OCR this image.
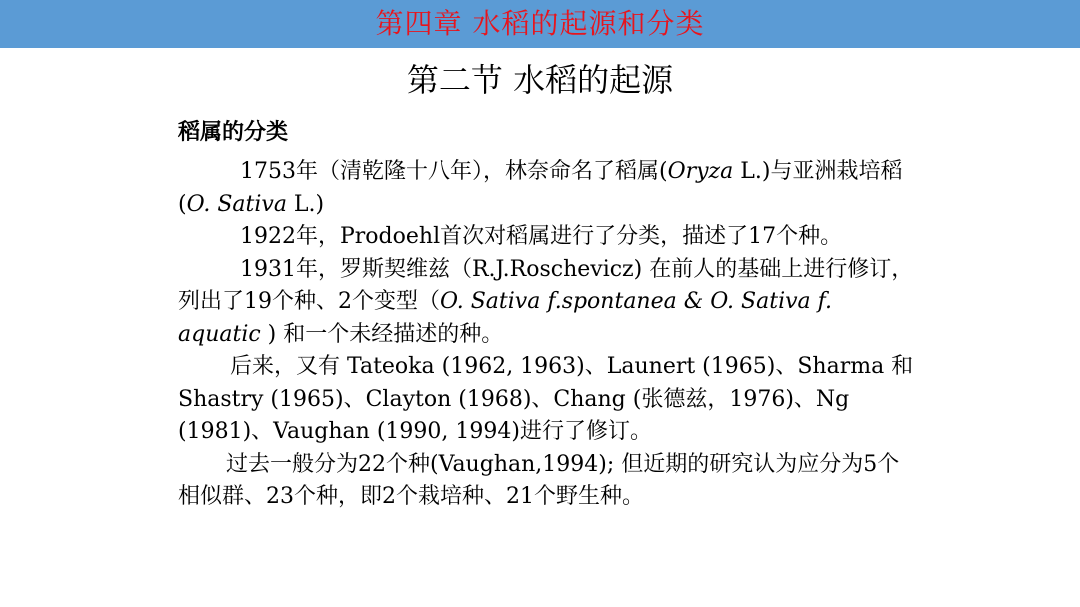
第四章 水稻的起源和分类
第二节 水稻的起源
稻属的分类

1753年（清乾隆十八年），林奈命名了稻属(Oryza L.)与亚洲栽培稻(O. Sativa L.)

1922年，Prodoehl首次对稻属进行了分类，描述了17个种。

1931年，罗斯契维兹（R.J.Roschevicz) 在前人的基础上进行修订，列出了19个种、2个变型（O. Sativa f.spontanea & O. Sativa f. aquatic ) 和一个未经描述的种。

后来，又有 Tateoka (1962, 1963)、Launert (1965)、Sharma 和Shastry (1965)、Clayton (1968)、Chang (张德兹，1976)、Ng (1981)、Vaughan (1990, 1994)进行了修订。

过去一般分为22个种(Vaughan,1994); 但近期的研究认为应分为5个相似群、23个种，即2个栽培种、21个野生种。
